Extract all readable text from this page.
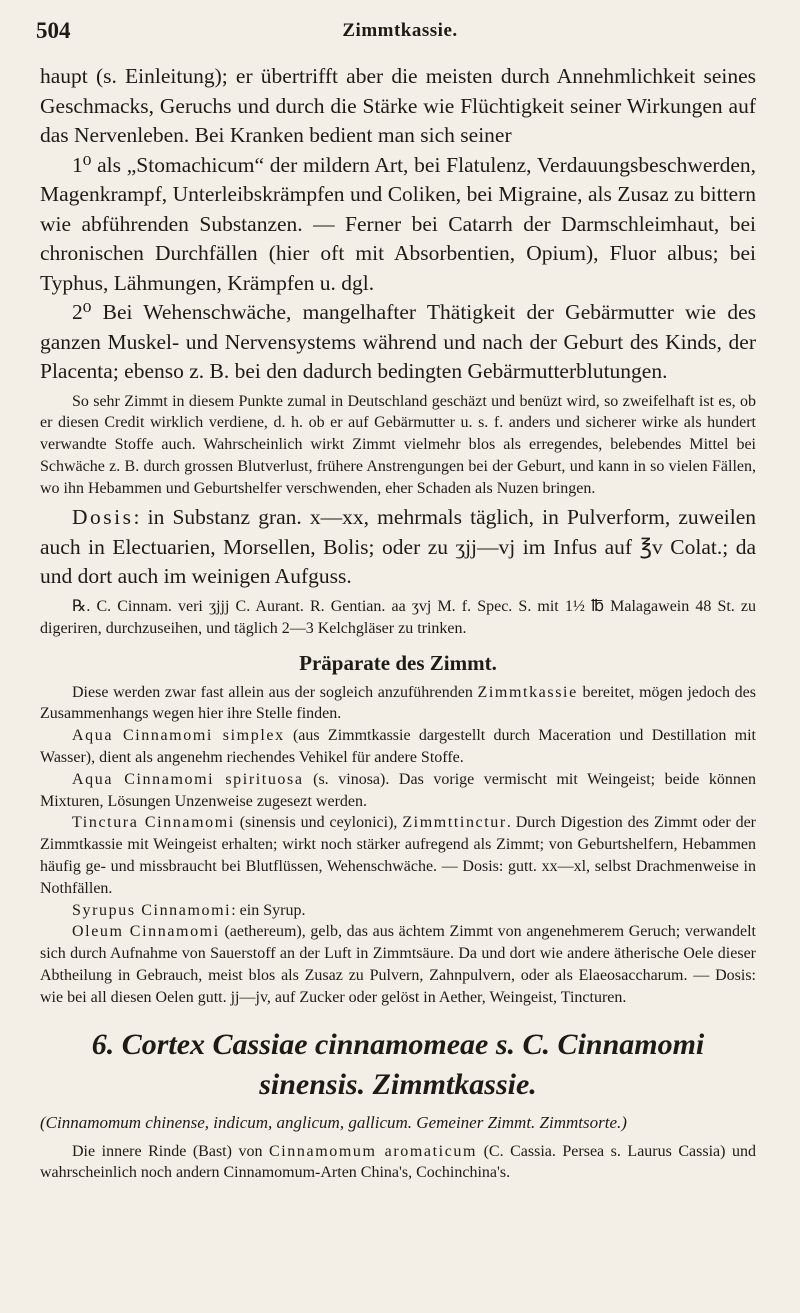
504	Zimmtkassie.

haupt (s. Einleitung); er übertrifft aber die meisten durch Annehmlichkeit seines Geschmacks, Geruchs und durch die Stärke wie Flüchtigkeit seiner Wirkungen auf das Nervenleben. Bei Kranken bedient man sich seiner

1⁰ als „Stomachicum“ der mildern Art, bei Flatulenz, Verdauungsbeschwerden, Magenkrampf, Unterleibskrämpfen und Coliken, bei Migraine, als Zusaz zu bittern wie abführenden Substanzen. — Ferner bei Catarrh der Darmschleimhaut, bei chronischen Durchfällen (hier oft mit Absorbentien, Opium), Fluor albus; bei Typhus, Lähmungen, Krämpfen u. dgl.

2⁰ Bei Wehenschwäche, mangelhafter Thätigkeit der Gebärmutter wie des ganzen Muskel- und Nervensystems während und nach der Geburt des Kinds, der Placenta; ebenso z. B. bei den dadurch bedingten Gebärmutterblutungen.

So sehr Zimmt in diesem Punkte zumal in Deutschland geschäzt und benüzt wird, so zweifelhaft ist es, ob er diesen Credit wirklich verdiene, d. h. ob er auf Gebärmutter u. s. f. anders und sicherer wirke als hundert verwandte Stoffe auch. Wahrscheinlich wirkt Zimmt vielmehr blos als erregendes, belebendes Mittel bei Schwäche z. B. durch grossen Blutverlust, frühere Anstrengungen bei der Geburt, und kann in so vielen Fällen, wo ihn Hebammen und Geburtshelfer verschwenden, eher Schaden als Nuzen bringen.

Dosis: in Substanz gran. x—xx, mehrmals täglich, in Pulverform, zuweilen auch in Electuarien, Morsellen, Bolis; oder zu ʒjj—vj im Infus auf ℥v Colat.; da und dort auch im weinigen Aufguss.

℞. C. Cinnam. veri ʒjjj C. Aurant. R. Gentian. aa ʒvj M. f. Spec. S. mit 1½ ℔ Malagawein 48 St. zu digeriren, durchzuseihen, und täglich 2—3 Kelchgläser zu trinken.

Präparate des Zimmt.

Diese werden zwar fast allein aus der sogleich anzuführenden Zimmtkassie bereitet, mögen jedoch des Zusammenhangs wegen hier ihre Stelle finden.

Aqua Cinnamomi simplex (aus Zimmtkassie dargestellt durch Maceration und Destillation mit Wasser), dient als angenehm riechendes Vehikel für andere Stoffe.

Aqua Cinnamomi spirituosa (s. vinosa). Das vorige vermischt mit Weingeist; beide können Mixturen, Lösungen Unzenweise zugesezt werden.

Tinctura Cinnamomi (sinensis und ceylonici), Zimmttinctur. Durch Digestion des Zimmt oder der Zimmtkassie mit Weingeist erhalten; wirkt noch stärker aufregend als Zimmt; von Geburtshelfern, Hebammen häufig ge- und missbraucht bei Blutflüssen, Wehenschwäche. — Dosis: gutt. xx—xl, selbst Drachmenweise in Nothfällen.

Syrupus Cinnamomi: ein Syrup.

Oleum Cinnamomi (aethereum), gelb, das aus ächtem Zimmt von angenehmerem Geruch; verwandelt sich durch Aufnahme von Sauerstoff an der Luft in Zimmtsäure. Da und dort wie andere ätherische Oele dieser Abtheilung in Gebrauch, meist blos als Zusaz zu Pulvern, Zahnpulvern, oder als Elaeosaccharum. — Dosis: wie bei all diesen Oelen gutt. jj—jv, auf Zucker oder gelöst in Aether, Weingeist, Tincturen.

6. Cortex Cassiae cinnamomeae s. C. Cinnamomi
sinensis. Zimmtkassie.

(Cinnamomum chinense, indicum, anglicum, gallicum. Gemeiner Zimmt. Zimmtsorte.)

Die innere Rinde (Bast) von Cinnamomum aromaticum (C. Cassia. Persea s. Laurus Cassia) und wahrscheinlich noch andern Cinnamomum-Arten China's, Cochinchina's.
